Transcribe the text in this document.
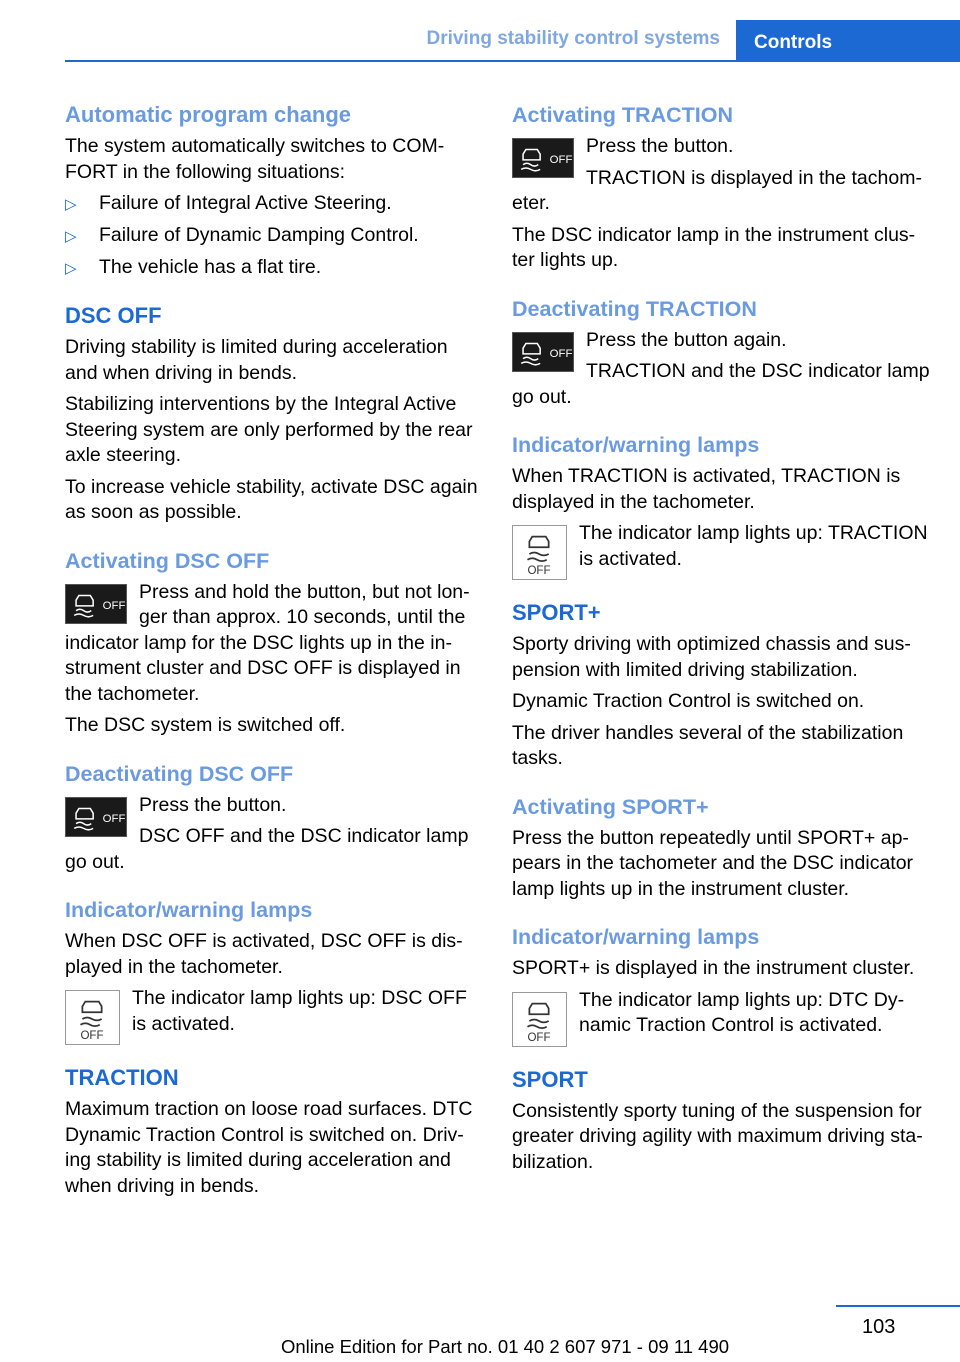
Driving stability control systems	Controls
Automatic program change

The system automatically switches to COM-FORT in the following situations:

▷ Failure of Integral Active Steering.
▷ Failure of Dynamic Damping Control.
▷ The vehicle has a flat tire.
DSC OFF

Driving stability is limited during acceleration and when driving in bends.

Stabilizing interventions by the Integral Active Steering system are only performed by the rear axle steering.

To increase vehicle stability, activate DSC again as soon as possible.

Activating DSC OFF
OFF

Press and hold the button, but not lon-ger than approx. 10 seconds, until the indicator lamp for the DSC lights up in the in-strument cluster and DSC OFF is displayed in the tachometer.

The DSC system is switched off.

Deactivating DSC OFF
OFF

Press the button.

DSC OFF and the DSC indicator lamp go out.

Indicator/warning lamps

When DSC OFF is activated, DSC OFF is dis-played in the tachometer.

OFF

The indicator lamp lights up: DSC OFF is activated.

TRACTION

Maximum traction on loose road surfaces. DTC Dynamic Traction Control is switched on. Driv-ing stability is limited during acceleration and when driving in bends.

Activating TRACTION
OFF

Press the button.

TRACTION is displayed in the tachom-eter.

The DSC indicator lamp in the instrument clus-ter lights up.

Deactivating TRACTION
OFF

Press the button again.

TRACTION and the DSC indicator lamp go out.

Indicator/warning lamps

When TRACTION is activated, TRACTION is displayed in the tachometer.

OFF

The indicator lamp lights up: TRACTION is activated.

SPORT+

Sporty driving with optimized chassis and sus-pension with limited driving stabilization.

Dynamic Traction Control is switched on.

The driver handles several of the stabilization tasks.

Activating SPORT+

Press the button repeatedly until SPORT+ ap-pears in the tachometer and the DSC indicator lamp lights up in the instrument cluster.

Indicator/warning lamps

SPORT+ is displayed in the instrument cluster.

OFF

The indicator lamp lights up: DTC Dy-namic Traction Control is activated.

SPORT

Consistently sporty tuning of the suspension for greater driving agility with maximum driving sta-bilization.

103
Online Edition for Part no. 01 40 2 607 971 - 09 11 490
